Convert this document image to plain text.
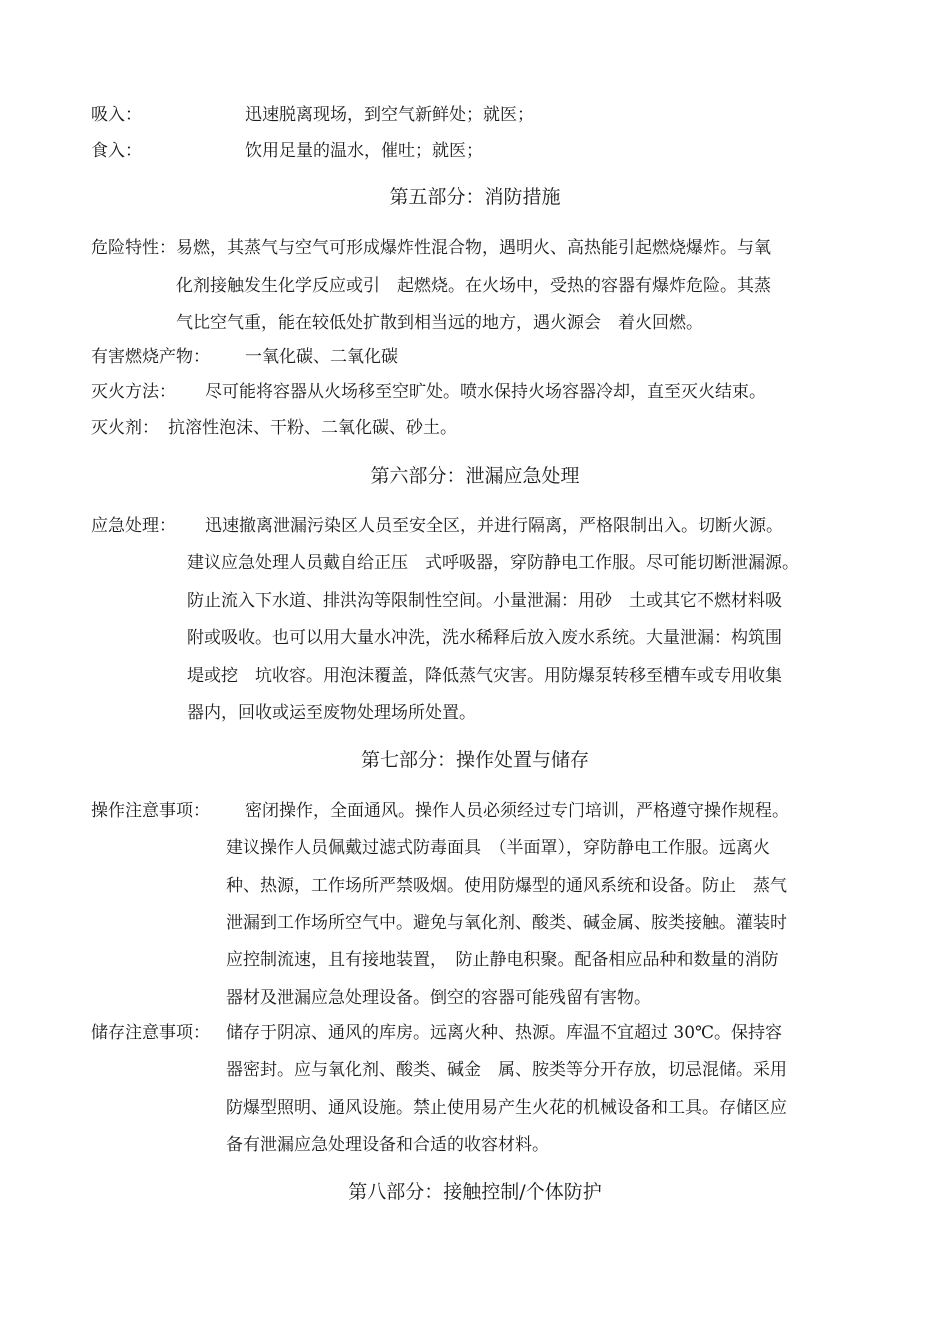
吸入：	迅速脱离现场，到空气新鲜处；就医；
食入：	饮用足量的温水，催吐；就医；
第五部分：消防措施
危险特性： 易燃，其蒸气与空气可形成爆炸性混合物，遇明火、高热能引起燃烧爆炸。与氧
化剂接触发生化学反应或引　起燃烧。在火场中，受热的容器有爆炸危险。其蒸
气比空气重，能在较低处扩散到相当远的地方，遇火源会　着火回燃。
有害燃烧产物： 一氧化碳、二氧化碳
灭火方法： 尽可能将容器从火场移至空旷处。喷水保持火场容器冷却，直至灭火结束。
灭火剂： 抗溶性泡沫、干粉、二氧化碳、砂土。
第六部分：泄漏应急处理
应急处理： 迅速撤离泄漏污染区人员至安全区，并进行隔离，严格限制出入。切断火源。
建议应急处理人员戴自给正压　式呼吸器，穿防静电工作服。尽可能切断泄漏源。
防止流入下水道、排洪沟等限制性空间。小量泄漏：用砂　土或其它不燃材料吸
附或吸收。也可以用大量水冲洗，洗水稀释后放入废水系统。大量泄漏：构筑围
堤或挖　坑收容。用泡沫覆盖，降低蒸气灾害。用防爆泵转移至槽车或专用收集
器内，回收或运至废物处理场所处置。
第七部分：操作处置与储存
操作注意事项： 密闭操作，全面通风。操作人员必须经过专门培训，严格遵守操作规程。
建议操作人员佩戴过滤式防毒面具　（半面罩），穿防静电工作服。远离火
种、热源，工作场所严禁吸烟。使用防爆型的通风系统和设备。防止　蒸气
泄漏到工作场所空气中。避免与氧化剂、酸类、碱金属、胺类接触。灌装时
应控制流速，且有接地装置，　防止静电积聚。配备相应品种和数量的消防
器材及泄漏应急处理设备。倒空的容器可能残留有害物。
储存注意事项： 储存于阴凉、通风的库房。远离火种、热源。库温不宜超过 30℃。保持容
器密封。应与氧化剂、酸类、碱金　属、胺类等分开存放，切忌混储。采用
防爆型照明、通风设施。禁止使用易产生火花的机械设备和工具。存储区应
备有泄漏应急处理设备和合适的收容材料。
第八部分：接触控制/个体防护
